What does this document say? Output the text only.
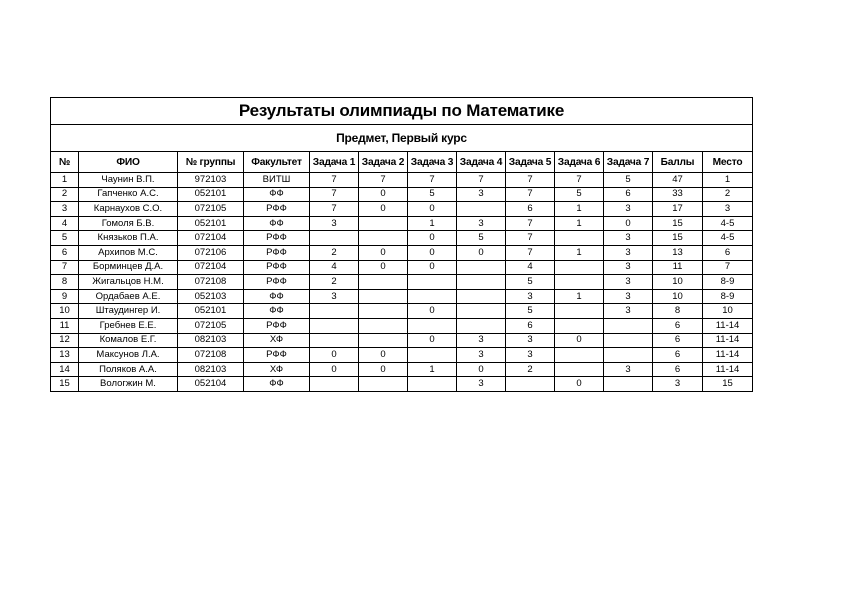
Результаты олимпиады по Математике												
Предмет, Первый курс												
№	ФИО	№ группы	Факультет	Задача 1	Задача 2	Задача 3	Задача 4	Задача 5	Задача 6	Задача 7	Баллы	Место
1	Чаунин В.П.	972103	ВИТШ	7	7	7	7	7	7	5	47	1
2	Гапченко А.С.	052101	ФФ	7	0	5	3	7	5	6	33	2
3	Карнаухов С.О.	072105	РФФ	7	0	0		6	1	3	17	3
4	Гомоля Б.В.	052101	ФФ	3		1	3	7	1	0	15	4-5
5	Князьков П.А.	072104	РФФ			0	5	7		3	15	4-5
6	Архипов М.С.	072106	РФФ	2	0	0	0	7	1	3	13	6
7	Борминцев Д.А.	072104	РФФ	4	0	0		4		3	11	7
8	Жигальцов Н.М.	072108	РФФ	2				5		3	10	8-9
9	Ордабаев А.Е.	052103	ФФ	3				3	1	3	10	8-9
10	Штаудингер И.	052101	ФФ			0		5		3	8	10
11	Гребнев Е.Е.	072105	РФФ					6			6	11-14
12	Комалов Е.Г.	082103	ХФ			0	3	3	0		6	11-14
13	Максунов Л.А.	072108	РФФ	0	0		3	3			6	11-14
14	Поляков А.А.	082103	ХФ	0	0	1	0	2		3	6	11-14
15	Вологжин М.	052104	ФФ				3		0		3	15
